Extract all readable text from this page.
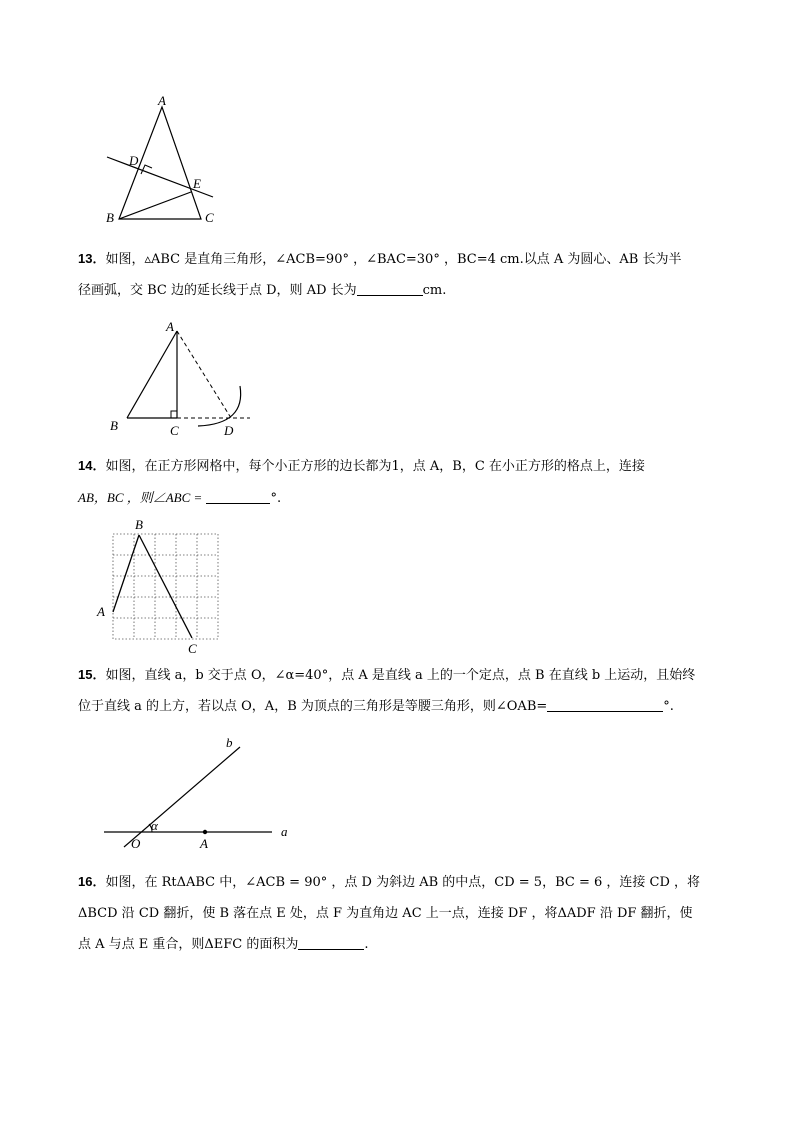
A
D
E
B	C
13．如图，▵ABC 是直角三角形，∠ACB=90° ，∠BAC=30° ，BC=4 cm.以点 A 为圆心、AB 长为半
径画弧，交 BC 边的延长线于点 D，则 AD 长为	cm.
A
B	C	D
14．如图，在正方形网格中，每个小正方形的边长都为1，点 A，B，C 在小正方形的格点上，连接
AB，BC ，则∠ABC =	°.
B
A
C
15．如图，直线 a，b 交于点 O，∠α=40°，点 A 是直线 a 上的一个定点，点 B 在直线 b 上运动，且始终
位于直线 a 的上方，若以点 O，A，B 为顶点的三角形是等腰三角形，则∠OAB=	°.
b
α
O	A
a
16．如图，在 RtΔABC 中，∠ACB = 90° ，点 D 为斜边 AB 的中点，CD = 5，BC = 6 ，连接 CD ，将
ΔBCD 沿 CD 翻折，使 B 落在点 E 处，点 F 为直角边 AC 上一点，连接 DF ，将ΔADF 沿 DF 翻折，使
点 A 与点 E 重合，则ΔEFC 的面积为	.
